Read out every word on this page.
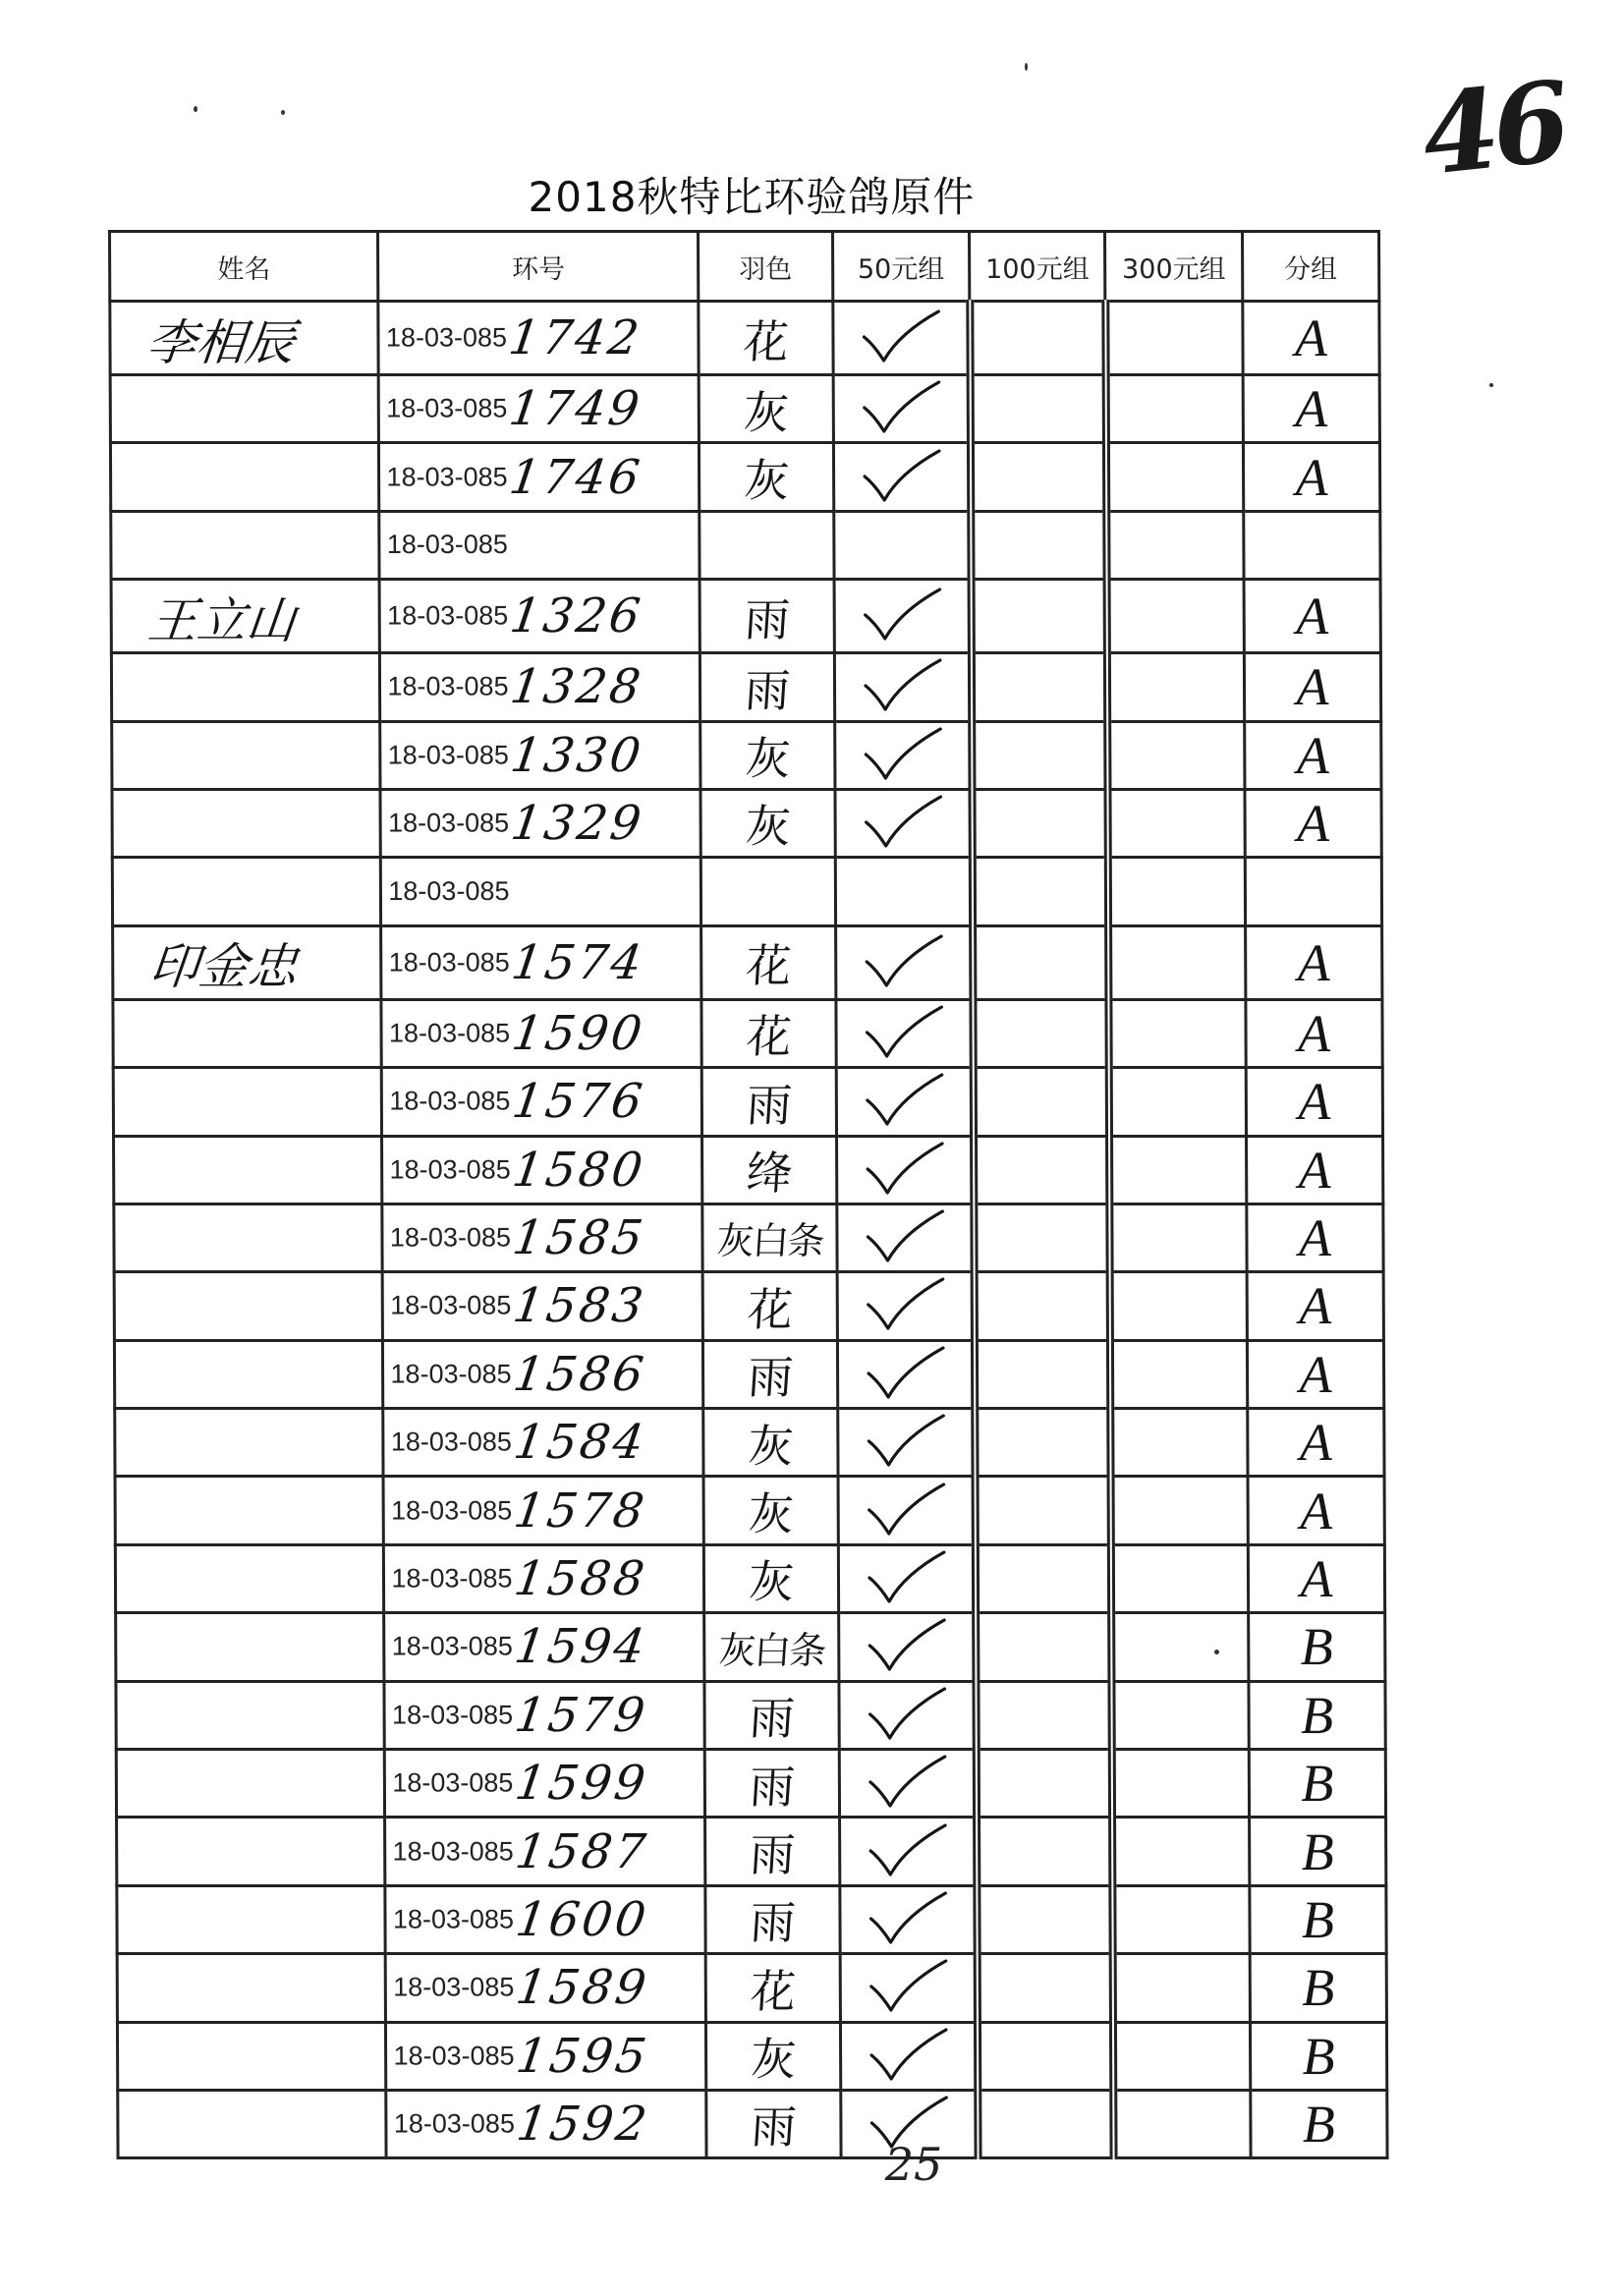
46
2018秋特比环验鸽原件
姓名	环号	羽色	50元组	100元组	300元组	分组
李相辰	18-03-0851742	花				A
	18-03-0851749	灰				A
	18-03-0851746	灰				A
	18-03-085					
王立山	18-03-0851326	雨				A
	18-03-0851328	雨				A
	18-03-0851330	灰				A
	18-03-0851329	灰				A
	18-03-085					
印金忠	18-03-0851574	花				A
	18-03-0851590	花				A
	18-03-0851576	雨				A
	18-03-0851580	绛				A
	18-03-0851585	灰白条				A
	18-03-0851583	花				A
	18-03-0851586	雨				A
	18-03-0851584	灰				A
	18-03-0851578	灰				A
	18-03-0851588	灰				A
	18-03-0851594	灰白条				B
	18-03-0851579	雨				B
	18-03-0851599	雨				B
	18-03-0851587	雨				B
	18-03-0851600	雨				B
	18-03-0851589	花				B
	18-03-0851595	灰				B
	18-03-0851592	雨				B
25
